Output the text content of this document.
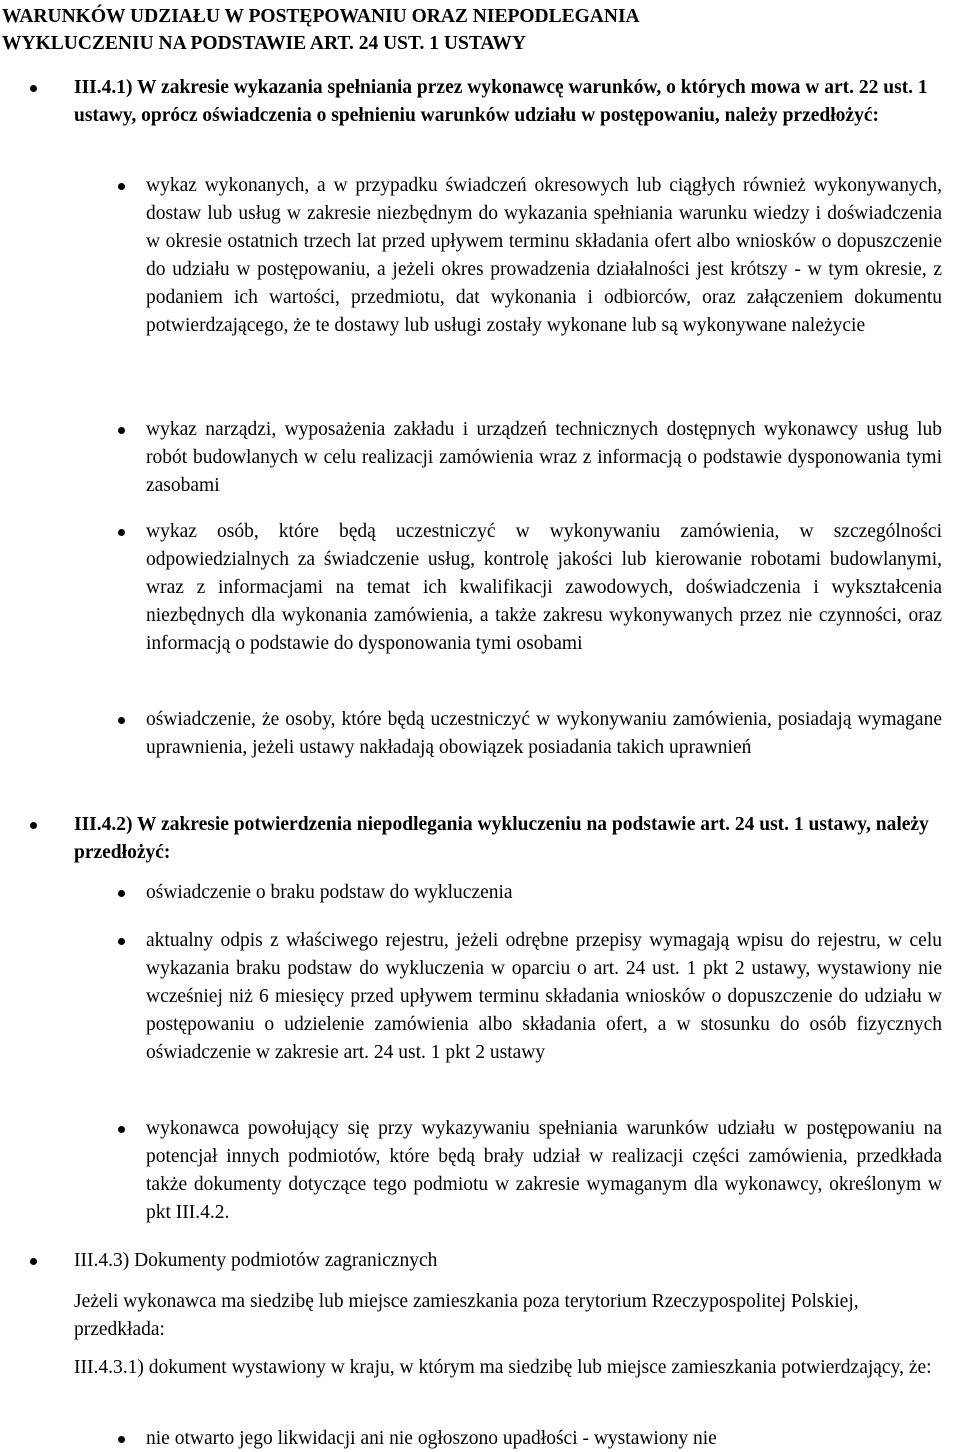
WARUNKÓW UDZIAŁU W POSTĘPOWANIU ORAZ NIEPODLEGANIA
WYKLUCZENIU NA PODSTAWIE ART. 24 UST. 1 USTAWY
III.4.1) W zakresie wykazania spełniania przez wykonawcę warunków, o których mowa w art. 22 ust. 1 ustawy, oprócz oświadczenia o spełnieniu warunków udziału w postępowaniu, należy przedłożyć:
wykaz wykonanych, a w przypadku świadczeń okresowych lub ciągłych również wykonywanych, dostaw lub usług w zakresie niezbędnym do wykazania spełniania warunku wiedzy i doświadczenia w okresie ostatnich trzech lat przed upływem terminu składania ofert albo wniosków o dopuszczenie do udziału w postępowaniu, a jeżeli okres prowadzenia działalności jest krótszy - w tym okresie, z podaniem ich wartości, przedmiotu, dat wykonania i odbiorców, oraz załączeniem dokumentu potwierdzającego, że te dostawy lub usługi zostały wykonane lub są wykonywane należycie
wykaz narządzi, wyposażenia zakładu i urządzeń technicznych dostępnych wykonawcy usług lub robót budowlanych w celu realizacji zamówienia wraz z informacją o podstawie dysponowania tymi zasobami
wykaz osób, które będą uczestniczyć w wykonywaniu zamówienia, w szczególności odpowiedzialnych za świadczenie usług, kontrolę jakości lub kierowanie robotami budowlanymi, wraz z informacjami na temat ich kwalifikacji zawodowych, doświadczenia i wykształcenia niezbędnych dla wykonania zamówienia, a także zakresu wykonywanych przez nie czynności, oraz informacją o podstawie do dysponowania tymi osobami
oświadczenie, że osoby, które będą uczestniczyć w wykonywaniu zamówienia, posiadają wymagane uprawnienia, jeżeli ustawy nakładają obowiązek posiadania takich uprawnień
III.4.2) W zakresie potwierdzenia niepodlegania wykluczeniu na podstawie art. 24 ust. 1 ustawy, należy przedłożyć:
oświadczenie o braku podstaw do wykluczenia
aktualny odpis z właściwego rejestru, jeżeli odrębne przepisy wymagają wpisu do rejestru, w celu wykazania braku podstaw do wykluczenia w oparciu o art. 24 ust. 1 pkt 2 ustawy, wystawiony nie wcześniej niż 6 miesięcy przed upływem terminu składania wniosków o dopuszczenie do udziału w postępowaniu o udzielenie zamówienia albo składania ofert, a w stosunku do osób fizycznych oświadczenie w zakresie art. 24 ust. 1 pkt 2 ustawy
wykonawca powołujący się przy wykazywaniu spełniania warunków udziału w postępowaniu na potencjał innych podmiotów, które będą brały udział w realizacji części zamówienia, przedkłada także dokumenty dotyczące tego podmiotu w zakresie wymaganym dla wykonawcy, określonym w pkt III.4.2.
III.4.3) Dokumenty podmiotów zagranicznych
Jeżeli wykonawca ma siedzibę lub miejsce zamieszkania poza terytorium Rzeczypospolitej Polskiej, przedkłada:
III.4.3.1) dokument wystawiony w kraju, w którym ma siedzibę lub miejsce zamieszkania potwierdzający, że:
nie otwarto jego likwidacji ani nie ogłoszono upadłości - wystawiony nie
